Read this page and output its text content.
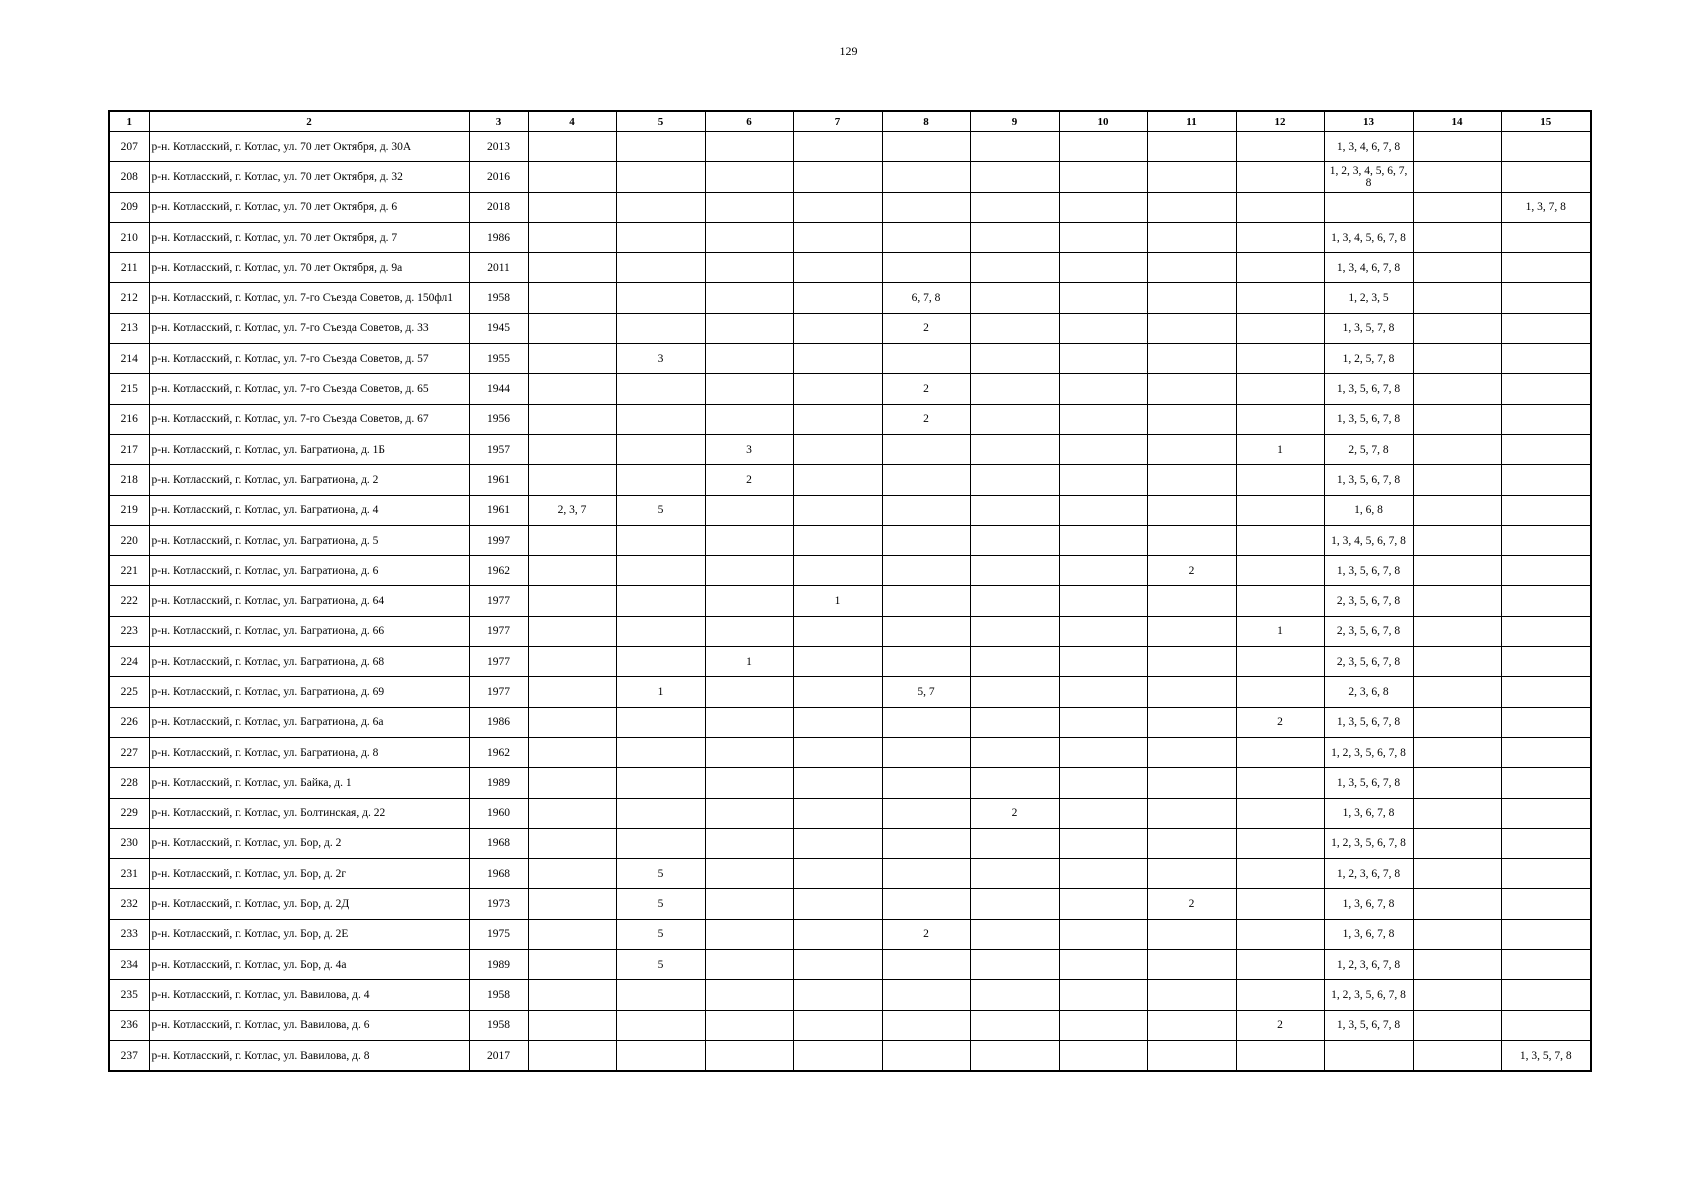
129
1	2	3	4	5	6	7	8	9	10	11	12	13	14	15
207	р-н. Котласский, г. Котлас, ул. 70 лет Октября, д. 30А	2013										1, 3, 4, 6, 7, 8		
208	р-н. Котласский, г. Котлас, ул. 70 лет Октября, д. 32	2016										1, 2, 3, 4, 5, 6, 7, 8		
209	р-н. Котласский, г. Котлас, ул. 70 лет Октября, д. 6	2018												1, 3, 7, 8
210	р-н. Котласский, г. Котлас, ул. 70 лет Октября, д. 7	1986										1, 3, 4, 5, 6, 7, 8		
211	р-н. Котласский, г. Котлас, ул. 70 лет Октября, д. 9а	2011										1, 3, 4, 6, 7, 8		
212	р-н. Котласский, г. Котлас, ул. 7-го Съезда Советов, д. 150фл1	1958					6, 7, 8					1, 2, 3, 5		
213	р-н. Котласский, г. Котлас, ул. 7-го Съезда Советов, д. 33	1945					2					1, 3, 5, 7, 8		
214	р-н. Котласский, г. Котлас, ул. 7-го Съезда Советов, д. 57	1955		3								1, 2, 5, 7, 8		
215	р-н. Котласский, г. Котлас, ул. 7-го Съезда Советов, д. 65	1944					2					1, 3, 5, 6, 7, 8		
216	р-н. Котласский, г. Котлас, ул. 7-го Съезда Советов, д. 67	1956					2					1, 3, 5, 6, 7, 8		
217	р-н. Котласский, г. Котлас, ул. Багратиона, д. 1Б	1957			3						1	2, 5, 7, 8		
218	р-н. Котласский, г. Котлас, ул. Багратиона, д. 2	1961			2							1, 3, 5, 6, 7, 8		
219	р-н. Котласский, г. Котлас, ул. Багратиона, д. 4	1961	2, 3, 7	5								1, 6, 8		
220	р-н. Котласский, г. Котлас, ул. Багратиона, д. 5	1997										1, 3, 4, 5, 6, 7, 8		
221	р-н. Котласский, г. Котлас, ул. Багратиона, д. 6	1962								2		1, 3, 5, 6, 7, 8		
222	р-н. Котласский, г. Котлас, ул. Багратиона, д. 64	1977				1						2, 3, 5, 6, 7, 8		
223	р-н. Котласский, г. Котлас, ул. Багратиона, д. 66	1977									1	2, 3, 5, 6, 7, 8		
224	р-н. Котласский, г. Котлас, ул. Багратиона, д. 68	1977			1							2, 3, 5, 6, 7, 8		
225	р-н. Котласский, г. Котлас, ул. Багратиона, д. 69	1977		1			5, 7					2, 3, 6, 8		
226	р-н. Котласский, г. Котлас, ул. Багратиона, д. 6а	1986									2	1, 3, 5, 6, 7, 8		
227	р-н. Котласский, г. Котлас, ул. Багратиона, д. 8	1962										1, 2, 3, 5, 6, 7, 8		
228	р-н. Котласский, г. Котлас, ул. Байка, д. 1	1989										1, 3, 5, 6, 7, 8		
229	р-н. Котласский, г. Котлас, ул. Болтинская, д. 22	1960						2				1, 3, 6, 7, 8		
230	р-н. Котласский, г. Котлас, ул. Бор, д. 2	1968										1, 2, 3, 5, 6, 7, 8		
231	р-н. Котласский, г. Котлас, ул. Бор, д. 2г	1968		5								1, 2, 3, 6, 7, 8		
232	р-н. Котласский, г. Котлас, ул. Бор, д. 2Д	1973		5						2		1, 3, 6, 7, 8		
233	р-н. Котласский, г. Котлас, ул. Бор, д. 2Е	1975		5			2					1, 3, 6, 7, 8		
234	р-н. Котласский, г. Котлас, ул. Бор, д. 4а	1989		5								1, 2, 3, 6, 7, 8		
235	р-н. Котласский, г. Котлас, ул. Вавилова, д. 4	1958										1, 2, 3, 5, 6, 7, 8		
236	р-н. Котласский, г. Котлас, ул. Вавилова, д. 6	1958									2	1, 3, 5, 6, 7, 8		
237	р-н. Котласский, г. Котлас, ул. Вавилова, д. 8	2017												1, 3, 5, 7, 8
